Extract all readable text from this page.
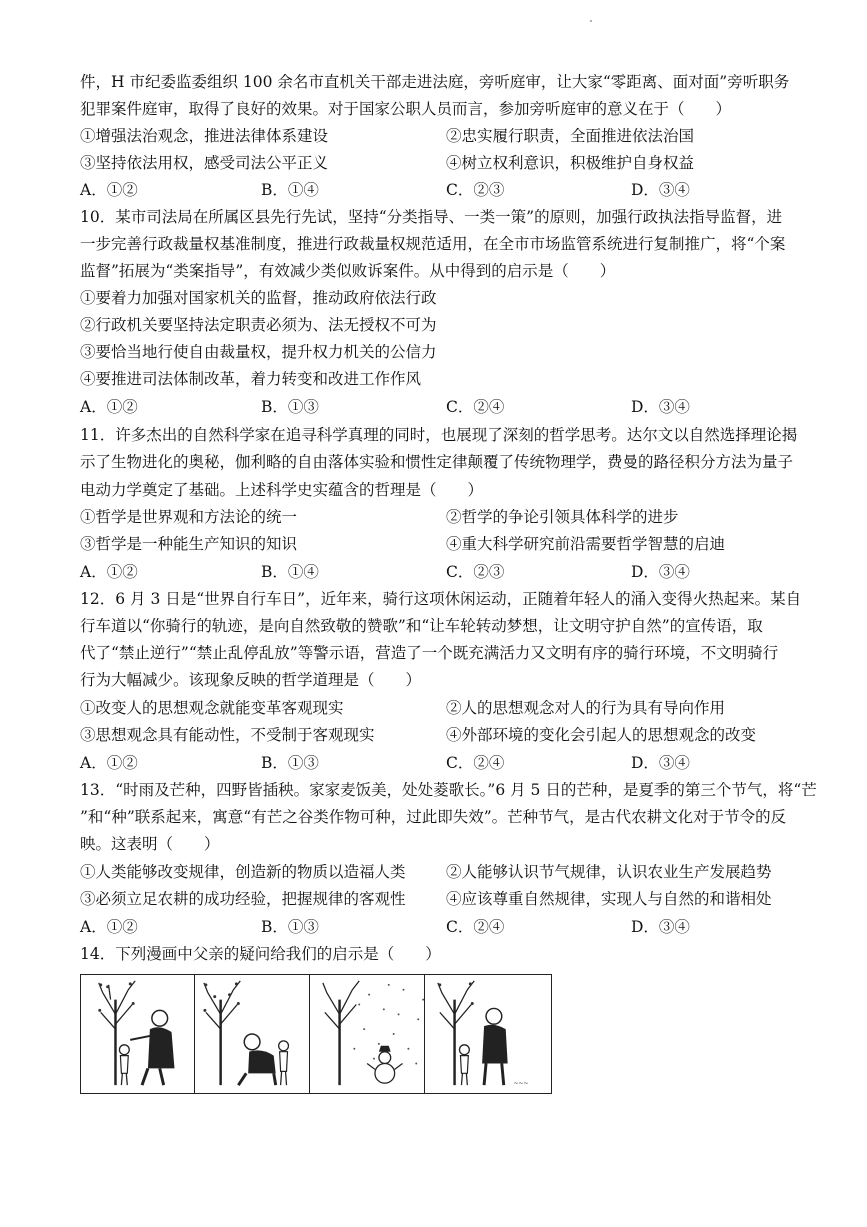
件，H 市纪委监委组织 100 余名市直机关干部走进法庭，旁听庭审，让大家“零距离、面对面”旁听职务
犯罪案件庭审，取得了良好的效果。对于国家公职人员而言，参加旁听庭审的意义在于（　　）
①增强法治观念，推进法律体系建设	②忠实履行职责，全面推进依法治国
③坚持依法用权，感受司法公平正义	④树立权利意识，积极维护自身权益
A．①②	B．①④	C．②③	D．③④
10．某市司法局在所属区县先行先试，坚持“分类指导、一类一策”的原则，加强行政执法指导监督，进
一步完善行政裁量权基准制度，推进行政裁量权规范适用，在全市市场监管系统进行复制推广，将“个案
监督”拓展为“类案指导”，有效减少类似败诉案件。从中得到的启示是（　　）
①要着力加强对国家机关的监督，推动政府依法行政
②行政机关要坚持法定职责必须为、法无授权不可为
③要恰当地行使自由裁量权，提升权力机关的公信力
④要推进司法体制改革，着力转变和改进工作作风
A．①②	B．①③	C．②④	D．③④
11．许多杰出的自然科学家在追寻科学真理的同时，也展现了深刻的哲学思考。达尔文以自然选择理论揭
示了生物进化的奥秘，伽利略的自由落体实验和惯性定律颠覆了传统物理学，费曼的路径积分方法为量子
电动力学奠定了基础。上述科学史实蕴含的哲理是（　　）
①哲学是世界观和方法论的统一	②哲学的争论引领具体科学的进步
③哲学是一种能生产知识的知识	④重大科学研究前沿需要哲学智慧的启迪
A．①②	B．①④	C．②③	D．③④
12．6 月 3 日是“世界自行车日”，近年来，骑行这项休闲运动，正随着年轻人的涌入变得火热起来。某自
行车道以“你骑行的轨迹，是向自然致敬的赞歌”和“让车轮转动梦想，让文明守护自然”的宣传语，取
代了“禁止逆行”“禁止乱停乱放”等警示语，营造了一个既充满活力又文明有序的骑行环境，不文明骑行
行为大幅减少。该现象反映的哲学道理是（　　）
①改变人的思想观念就能变革客观现实	②人的思想观念对人的行为具有导向作用
③思想观念具有能动性，不受制于客观现实	④外部环境的变化会引起人的思想观念的改变
A．①②	B．①③	C．②④	D．③④
13．“时雨及芒种，四野皆插秧。家家麦饭美，处处菱歌长。”6 月 5 日的芒种，是夏季的第三个节气，将“芒
”和“种”联系起来，寓意“有芒之谷类作物可种，过此即失效”。芒种节气，是古代农耕文化对于节令的反
映。这表明（　　）
①人类能够改变规律，创造新的物质以造福人类	②人能够认识节气规律，认识农业生产发展趋势
③必须立足农耕的成功经验，把握规律的客观性	④应该尊重自然规律，实现人与自然的和谐相处
A．①②	B．①③	C．②④	D．③④
14．下列漫画中父亲的疑问给我们的启示是（　　）
~~~
